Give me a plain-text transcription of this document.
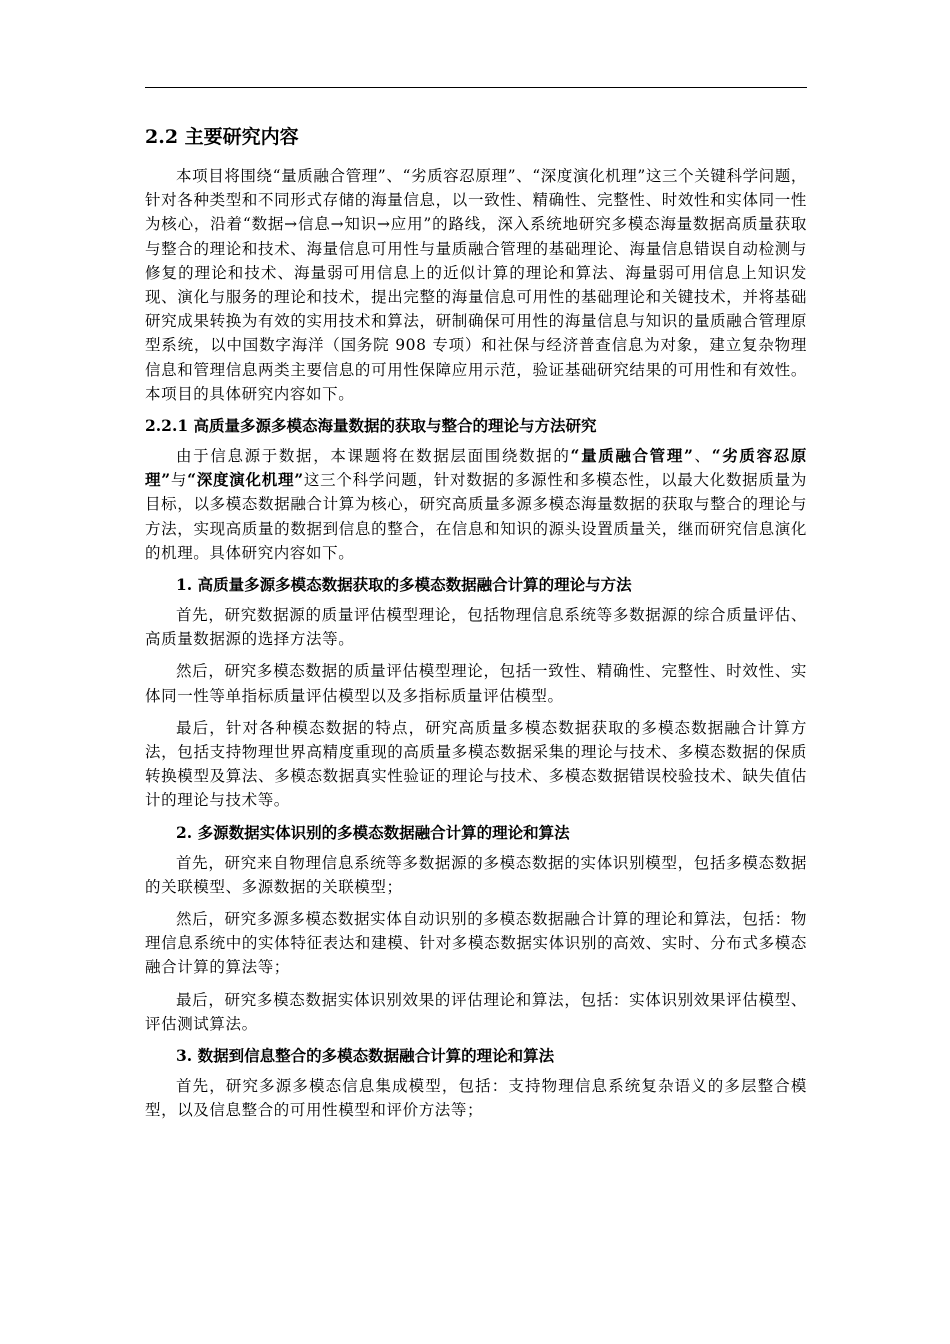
2.2 主要研究内容

本项目将围绕“量质融合管理”、“劣质容忍原理”、“深度演化机理”这三个关键科学问题，针对各种类型和不同形式存储的海量信息，以一致性、精确性、完整性、时效性和实体同一性为核心，沿着“数据→信息→知识→应用”的路线，深入系统地研究多模态海量数据高质量获取与整合的理论和技术、海量信息可用性与量质融合管理的基础理论、海量信息错误自动检测与修复的理论和技术、海量弱可用信息上的近似计算的理论和算法、海量弱可用信息上知识发现、演化与服务的理论和技术，提出完整的海量信息可用性的基础理论和关键技术，并将基础研究成果转换为有效的实用技术和算法，研制确保可用性的海量信息与知识的量质融合管理原型系统，以中国数字海洋（国务院 908 专项）和社保与经济普查信息为对象，建立复杂物理信息和管理信息两类主要信息的可用性保障应用示范，验证基础研究结果的可用性和有效性。本项目的具体研究内容如下。

2.2.1 高质量多源多模态海量数据的获取与整合的理论与方法研究

由于信息源于数据，本课题将在数据层面围绕数据的“量质融合管理”、“劣质容忍原理”与“深度演化机理”这三个科学问题，针对数据的多源性和多模态性，以最大化数据质量为目标，以多模态数据融合计算为核心，研究高质量多源多模态海量数据的获取与整合的理论与方法，实现高质量的数据到信息的整合，在信息和知识的源头设置质量关，继而研究信息演化的机理。具体研究内容如下。

1. 高质量多源多模态数据获取的多模态数据融合计算的理论与方法

首先，研究数据源的质量评估模型理论，包括物理信息系统等多数据源的综合质量评估、高质量数据源的选择方法等。

然后，研究多模态数据的质量评估模型理论，包括一致性、精确性、完整性、时效性、实体同一性等单指标质量评估模型以及多指标质量评估模型。

最后，针对各种模态数据的特点，研究高质量多模态数据获取的多模态数据融合计算方法，包括支持物理世界高精度重现的高质量多模态数据采集的理论与技术、多模态数据的保质转换模型及算法、多模态数据真实性验证的理论与技术、多模态数据错误校验技术、缺失值估计的理论与技术等。

2. 多源数据实体识别的多模态数据融合计算的理论和算法

首先，研究来自物理信息系统等多数据源的多模态数据的实体识别模型，包括多模态数据的关联模型、多源数据的关联模型；

然后，研究多源多模态数据实体自动识别的多模态数据融合计算的理论和算法，包括：物理信息系统中的实体特征表达和建模、针对多模态数据实体识别的高效、实时、分布式多模态融合计算的算法等；

最后，研究多模态数据实体识别效果的评估理论和算法，包括：实体识别效果评估模型、评估测试算法。

3. 数据到信息整合的多模态数据融合计算的理论和算法

首先，研究多源多模态信息集成模型，包括：支持物理信息系统复杂语义的多层整合模型，以及信息整合的可用性模型和评价方法等；
